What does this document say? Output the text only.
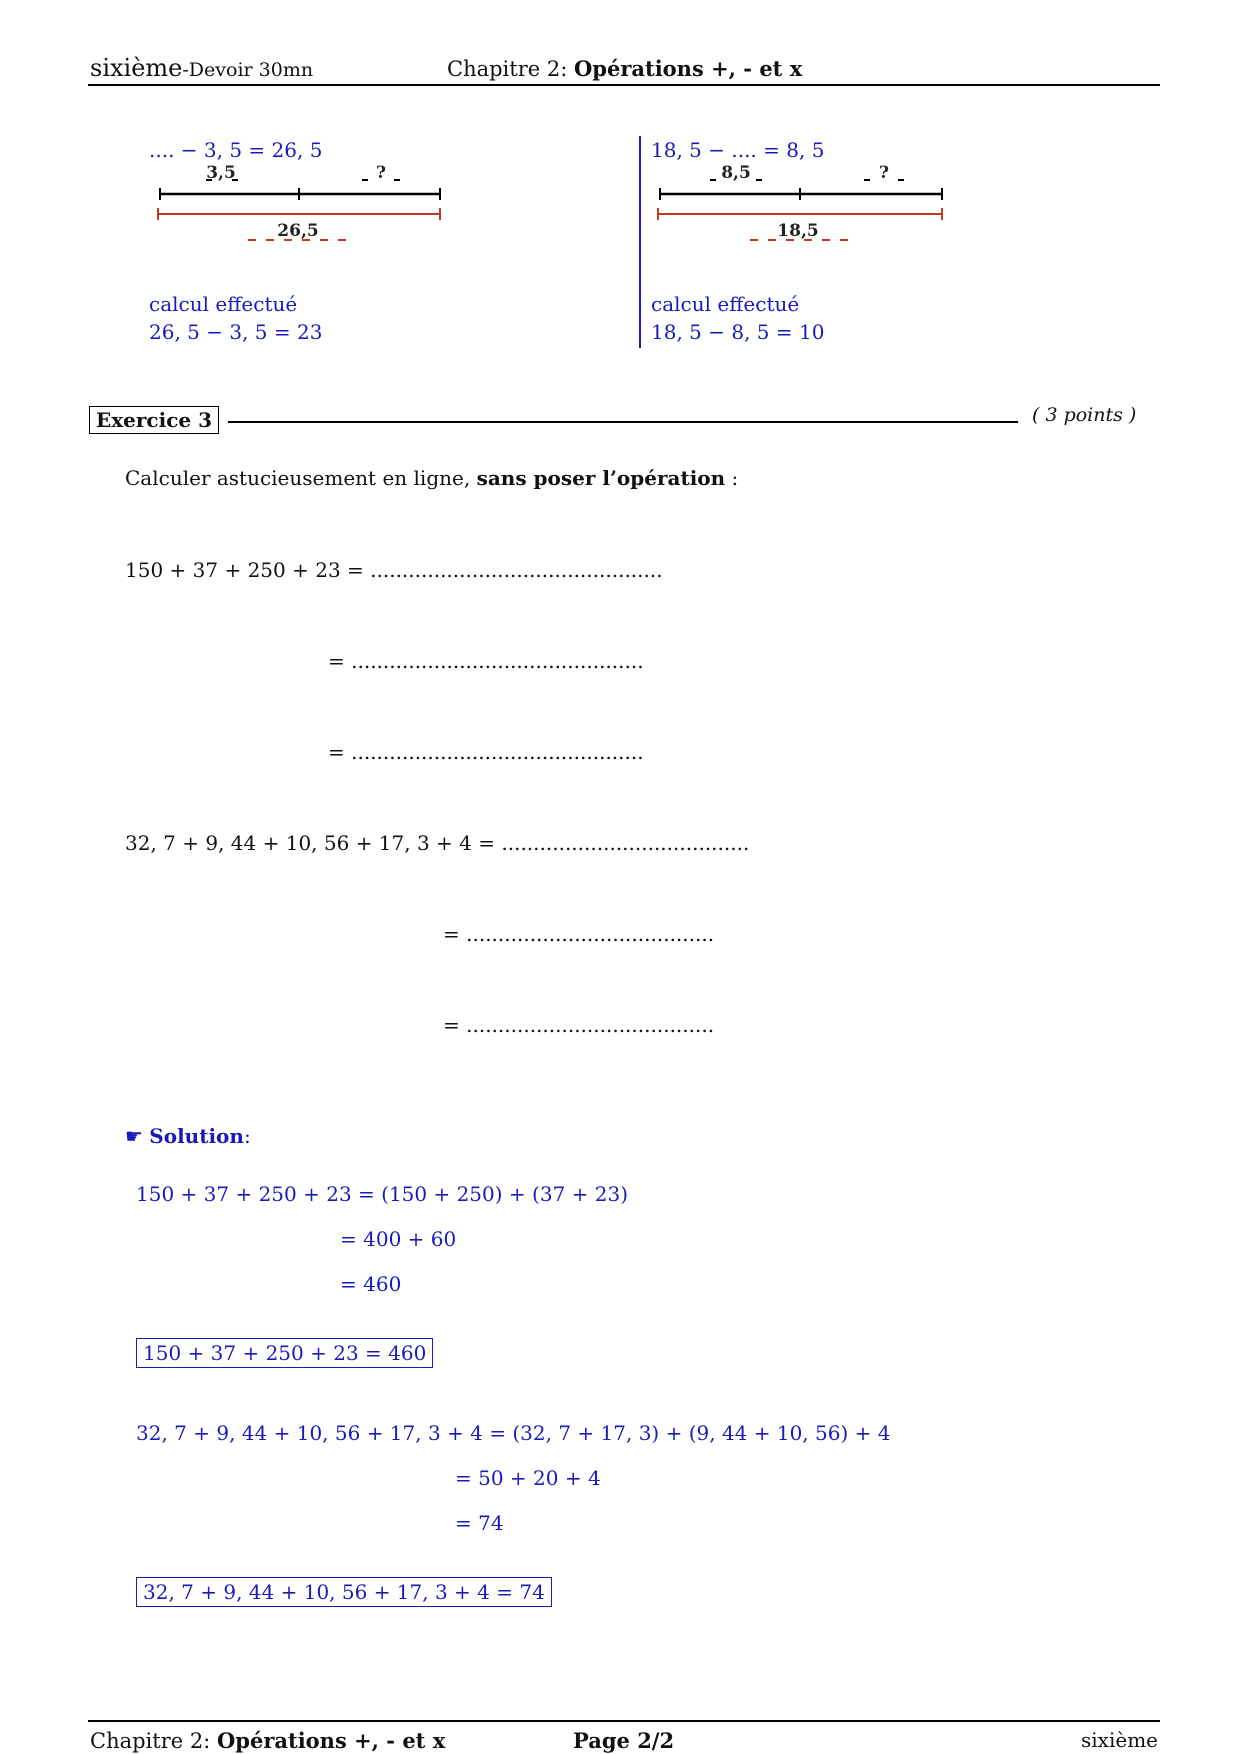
sixième-Devoir 30mn	Chapitre 2: Opérations +, - et x
.... − 3, 5 = 26, 5
3,5	?
26,5
calcul effectué
26, 5 − 3, 5 = 23
18, 5 − .... = 8, 5
8,5	?
18,5
calcul effectué
18, 5 − 8, 5 = 10
Exercice 3	( 3 points )
Calculer astucieusement en ligne, sans poser l’opération :
150 + 37 + 250 + 23 = ..............................................
= ..............................................
= ..............................................
32, 7 + 9, 44 + 10, 56 + 17, 3 + 4 = .......................................
= .......................................
= .......................................
☛ Solution:
150 + 37 + 250 + 23 = (150 + 250) + (37 + 23)
= 400 + 60
= 460
150 + 37 + 250 + 23 = 460
32, 7 + 9, 44 + 10, 56 + 17, 3 + 4 = (32, 7 + 17, 3) + (9, 44 + 10, 56) + 4
= 50 + 20 + 4
= 74
32, 7 + 9, 44 + 10, 56 + 17, 3 + 4 = 74
Chapitre 2: Opérations +, - et x	Page 2/2	sixième
